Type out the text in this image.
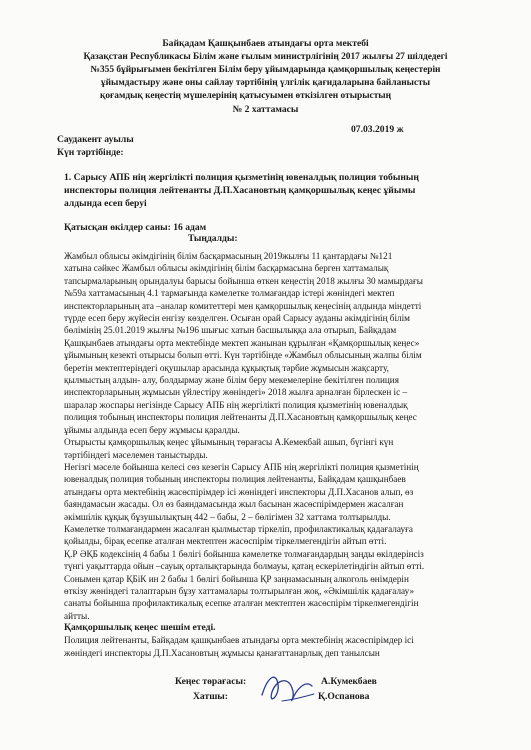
Байқадам Қашқынбаев атындағы орта мектебі
Қазақстан Республикасы Білім және ғылым министрлігінің 2017 жылғы 27 шілдедегі
№355 бұйрығымен бекітілген Білім беру ұйымдарында қамқоршылық кеңестерін
ұйымдастыру және оны сайлау тәртібінің үлгілік қағидаларына байланысты
қоғамдық кеңестің мүшелерінің қатысуымен өткізілген отырыстың
№ 2 хаттамасы
07.03.2019 ж
Саудакент ауылы
Күн тәртібінде:
1. Сарысу АПБ нің жергілікті полиция қызметінің ювеналдық полиция тобының
инспекторы полиция лейтенанты Д.П.Хасановтың қамқоршылық кеңес ұйымы
алдында есеп беруі
Қатысқан өкілдер саны: 16 адам
Тыңдалды:

Жамбыл облысы әкімдігінің білім басқармасының 2019жылғы 11 қантардағы №121

хатына сәйкес Жамбыл облысы әкімдігінің білім басқармасына берген хаттамалық

тапсырмаларының орындалуы барысы бойынша өткен кеңестің 2018 жылғы 30 мамырдағы

№59а хаттамасының 4.1 тармағында кәмелетке толмағандар істері жөніндегі мектеп

инспекторларының ата –аналар комитеттері мен қамқоршылық кеңесінің алдында міндетті

түрде есеп беру жүйесін енгізу көзделген. Осыған орай Сарысу ауданы әкімдігінің білім

бөлімінің 25.01.2019 жылғы №196 шығыс хатын басшылыққа ала отырып, Байқадам

Қашқынбаев атындағы орта мектебінде мектеп жанынан құрылған «Қамқоршылық кеңес»

ұйымының кезекті отырысы болып өтті. Күн тәртібінде «Жамбыл облысының жалпы білім

беретін мектептеріндегі оқушылар арасында құқықтық тәрбие жұмысын жақсарту,

қылмыстың алдын- алу, болдырмау және білім беру мекемелеріне бекітілген полиция

инспекторларының жұмысын үйлестіру жөніндегі» 2018 жылға арналған бірлескен іс –

шаралар жоспары негізінде Сарысу АПБ нің жергілікті полиция қызметінің ювеналдық

полиция тобының инспекторы полиция лейтенанты Д.П.Хасановтың қамқоршылық кеңес

ұйымы алдында есеп беру жұмысы қаралды.

Отырысты қамқоршылық кеңес ұйымының төрағасы А.Кемекбай ашып, бүгінгі күн

тәртібіндегі мәселемен таныстырды.

Негізгі мәселе бойынша келесі сөз кезегін Сарысу АПБ нің жергілікті полиция қызметінің

ювеналдық полиция тобының инспекторы полиция лейтенанты, Байқадам қашқынбаев

атындағы орта мектебінің жасөспірімдер ісі жөніндегі инспекторы Д.П.Хасанов алып, өз

баяндамасын жасады. Ол өз баяндамасында жыл басынан жасөспірімдермен жасалған

әкімшілік құқық бұзушылықтың 442 – бабы, 2 – бөлігімен 32 хаттама толтырылды.

Кәмелетке толмағандармен жасалған қылмыстар тіркеліп, профилактикалық қадағалауға

қойылды, бірақ есепке аталған мектептен жасөспірім тіркелмегендігін айтып өтті.

Қ.Р ӘҚБ кодексінің 4 бабы 1 бөлігі бойынша кәмелетке толмағандардың заңды өкілдерінсіз

түнгі уақыттарда ойын –сауық орталықтарында болмауы, қатаң ескерілетіндігін айтып өтті.

Сонымен қатар ҚБіК ин 2 бабы 1 бөлігі бойынша ҚР заңнамасының алкоголь өнімдерін

өткізу жөніндегі талаптарын бұзу хаттамалары толтырылған жоқ, «Әкімшілік қадағалау»

санаты бойынша профилактикалық есепке аталған мектептен жасөспірім тіркелмегендігін

айтты.

Қамқоршылық кеңес шешім етеді.
Полиция лейтенанты, Байқадам қашқынбаев атындағы орта мектебінің жасөспірімдер ісі
жөніндегі инспекторы Д.П.Хасановтың жұмысы қанағаттанарлық деп танылсын
Кеңес төрағасы:	А.Кумекбаев
Хатшы:	Қ.Оспанова
